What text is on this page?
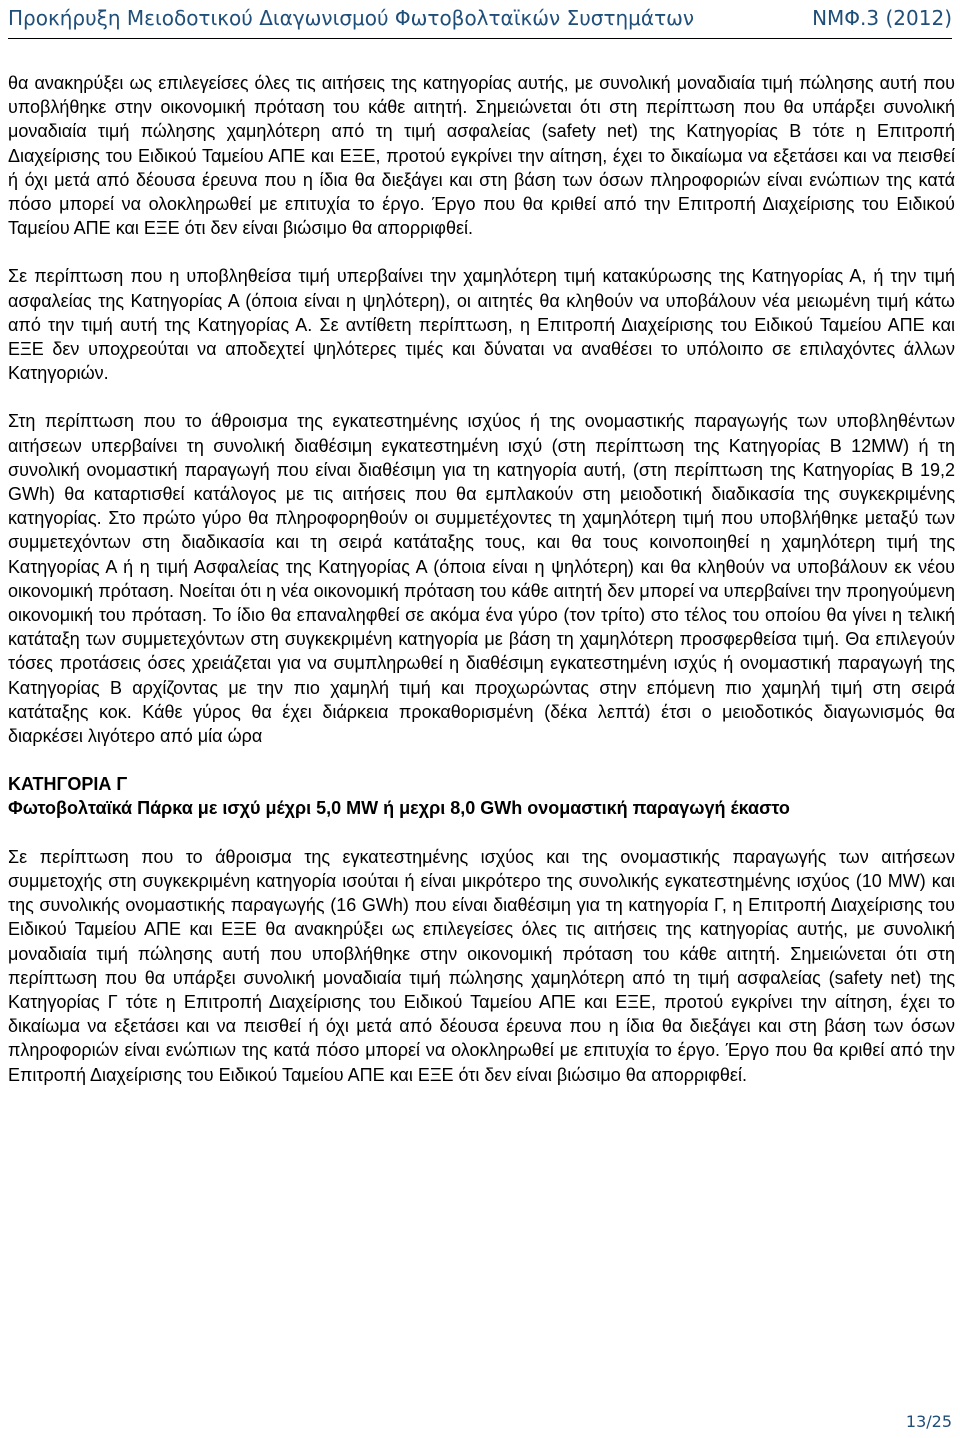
Προκήρυξη Μειοδοτικού Διαγωνισμού Φωτοβολταϊκών Συστημάτων	ΝΜΦ.3 (2012)

θα ανακηρύξει ως επιλεγείσες όλες τις αιτήσεις της κατηγορίας αυτής, με συνολική μοναδιαία τιμή πώλησης αυτή που υποβλήθηκε στην οικονομική πρόταση του κάθε αιτητή. Σημειώνεται ότι στη περίπτωση που θα υπάρξει συνολική μοναδιαία τιμή πώλησης χαμηλότερη από τη τιμή ασφαλείας (safety net) της Κατηγορίας Β τότε η Επιτροπή Διαχείρισης του Ειδικού Ταμείου ΑΠΕ και ΕΞΕ, προτού εγκρίνει την αίτηση, έχει το δικαίωμα να εξετάσει και να πεισθεί ή όχι μετά από δέουσα έρευνα που η ίδια θα διεξάγει και στη βάση των όσων πληροφοριών είναι ενώπιων της κατά πόσο μπορεί να ολοκληρωθεί με επιτυχία το έργο. Έργο που θα κριθεί από την Επιτροπή Διαχείρισης του Ειδικού Ταμείου ΑΠΕ και ΕΞΕ ότι δεν είναι βιώσιμο θα απορριφθεί.

Σε περίπτωση που η υποβληθείσα τιμή υπερβαίνει την χαμηλότερη τιμή κατακύρωσης της Κατηγορίας Α, ή την τιμή ασφαλείας της Κατηγορίας Α (όποια είναι η ψηλότερη), οι αιτητές θα κληθούν να υποβάλουν νέα μειωμένη τιμή κάτω από την τιμή αυτή της Κατηγορίας Α. Σε αντίθετη περίπτωση, η Επιτροπή Διαχείρισης του Ειδικού Ταμείου ΑΠΕ και ΕΞΕ δεν υποχρεούται να αποδεχτεί ψηλότερες τιμές και δύναται να αναθέσει το υπόλοιπο σε επιλαχόντες άλλων Κατηγοριών.

Στη περίπτωση που το άθροισμα της εγκατεστημένης ισχύος ή της ονομαστικής παραγωγής των υποβληθέντων αιτήσεων υπερβαίνει τη συνολική διαθέσιμη εγκατεστημένη ισχύ (στη περίπτωση της Κατηγορίας Β 12MW) ή τη συνολική ονομαστική παραγωγή που είναι διαθέσιμη για τη κατηγορία αυτή, (στη περίπτωση της Κατηγορίας Β 19,2 GWh) θα καταρτισθεί κατάλογος με τις αιτήσεις που θα εμπλακούν στη μειοδοτική διαδικασία της συγκεκριμένης κατηγορίας. Στο πρώτο γύρο θα πληροφορηθούν οι συμμετέχοντες τη χαμηλότερη τιμή που υποβλήθηκε μεταξύ των συμμετεχόντων στη διαδικασία και τη σειρά κατάταξης τους, και θα τους κοινοποιηθεί η χαμηλότερη τιμή της Κατηγορίας Α ή η τιμή Ασφαλείας της Κατηγορίας Α (όποια είναι η ψηλότερη) και θα κληθούν να υποβάλουν εκ νέου οικονομική πρόταση. Νοείται ότι η νέα οικονομική πρόταση του κάθε αιτητή δεν μπορεί να υπερβαίνει την προηγούμενη οικονομική του πρόταση. Το ίδιο θα επαναληφθεί σε ακόμα ένα γύρο (τον τρίτο) στο τέλος του οποίου θα γίνει η τελική κατάταξη των συμμετεχόντων στη συγκεκριμένη κατηγορία με βάση τη χαμηλότερη προσφερθείσα τιμή. Θα επιλεγούν τόσες προτάσεις όσες χρειάζεται για να συμπληρωθεί η διαθέσιμη εγκατεστημένη ισχύς ή ονομαστική παραγωγή της Κατηγορίας Β αρχίζοντας με την πιο χαμηλή τιμή και προχωρώντας στην επόμενη πιο χαμηλή τιμή στη σειρά κατάταξης κοκ. Κάθε γύρος θα έχει διάρκεια προκαθορισμένη (δέκα λεπτά) έτσι ο μειοδοτικός διαγωνισμός θα διαρκέσει λιγότερο από μία ώρα

ΚΑΤΗΓΟΡΙΑ Γ

Φωτοβολταϊκά Πάρκα με ισχύ μέχρι 5,0 MW ή μεχρι 8,0 GWh ονομαστική παραγωγή έκαστο

Σε περίπτωση που το άθροισμα της εγκατεστημένης ισχύος και της ονομαστικής παραγωγής των αιτήσεων συμμετοχής στη συγκεκριμένη κατηγορία ισούται ή είναι μικρότερο της συνολικής εγκατεστημένης ισχύος (10 MW) και της συνολικής ονομαστικής παραγωγής (16 GWh) που είναι διαθέσιμη για τη κατηγορία Γ, η Επιτροπή Διαχείρισης του Ειδικού Ταμείου ΑΠΕ και ΕΞΕ θα ανακηρύξει ως επιλεγείσες όλες τις αιτήσεις της κατηγορίας αυτής, με συνολική μοναδιαία τιμή πώλησης αυτή που υποβλήθηκε στην οικονομική πρόταση του κάθε αιτητή. Σημειώνεται ότι στη περίπτωση που θα υπάρξει συνολική μοναδιαία τιμή πώλησης χαμηλότερη από τη τιμή ασφαλείας (safety net) της Κατηγορίας Γ τότε η Επιτροπή Διαχείρισης του Ειδικού Ταμείου ΑΠΕ και ΕΞΕ, προτού εγκρίνει την αίτηση, έχει το δικαίωμα να εξετάσει και να πεισθεί ή όχι μετά από δέουσα έρευνα που η ίδια θα διεξάγει και στη βάση των όσων πληροφοριών είναι ενώπιων της κατά πόσο μπορεί να ολοκληρωθεί με επιτυχία το έργο. Έργο που θα κριθεί από την Επιτροπή Διαχείρισης του Ειδικού Ταμείου ΑΠΕ και ΕΞΕ ότι δεν είναι βιώσιμο θα απορριφθεί.

13/25
